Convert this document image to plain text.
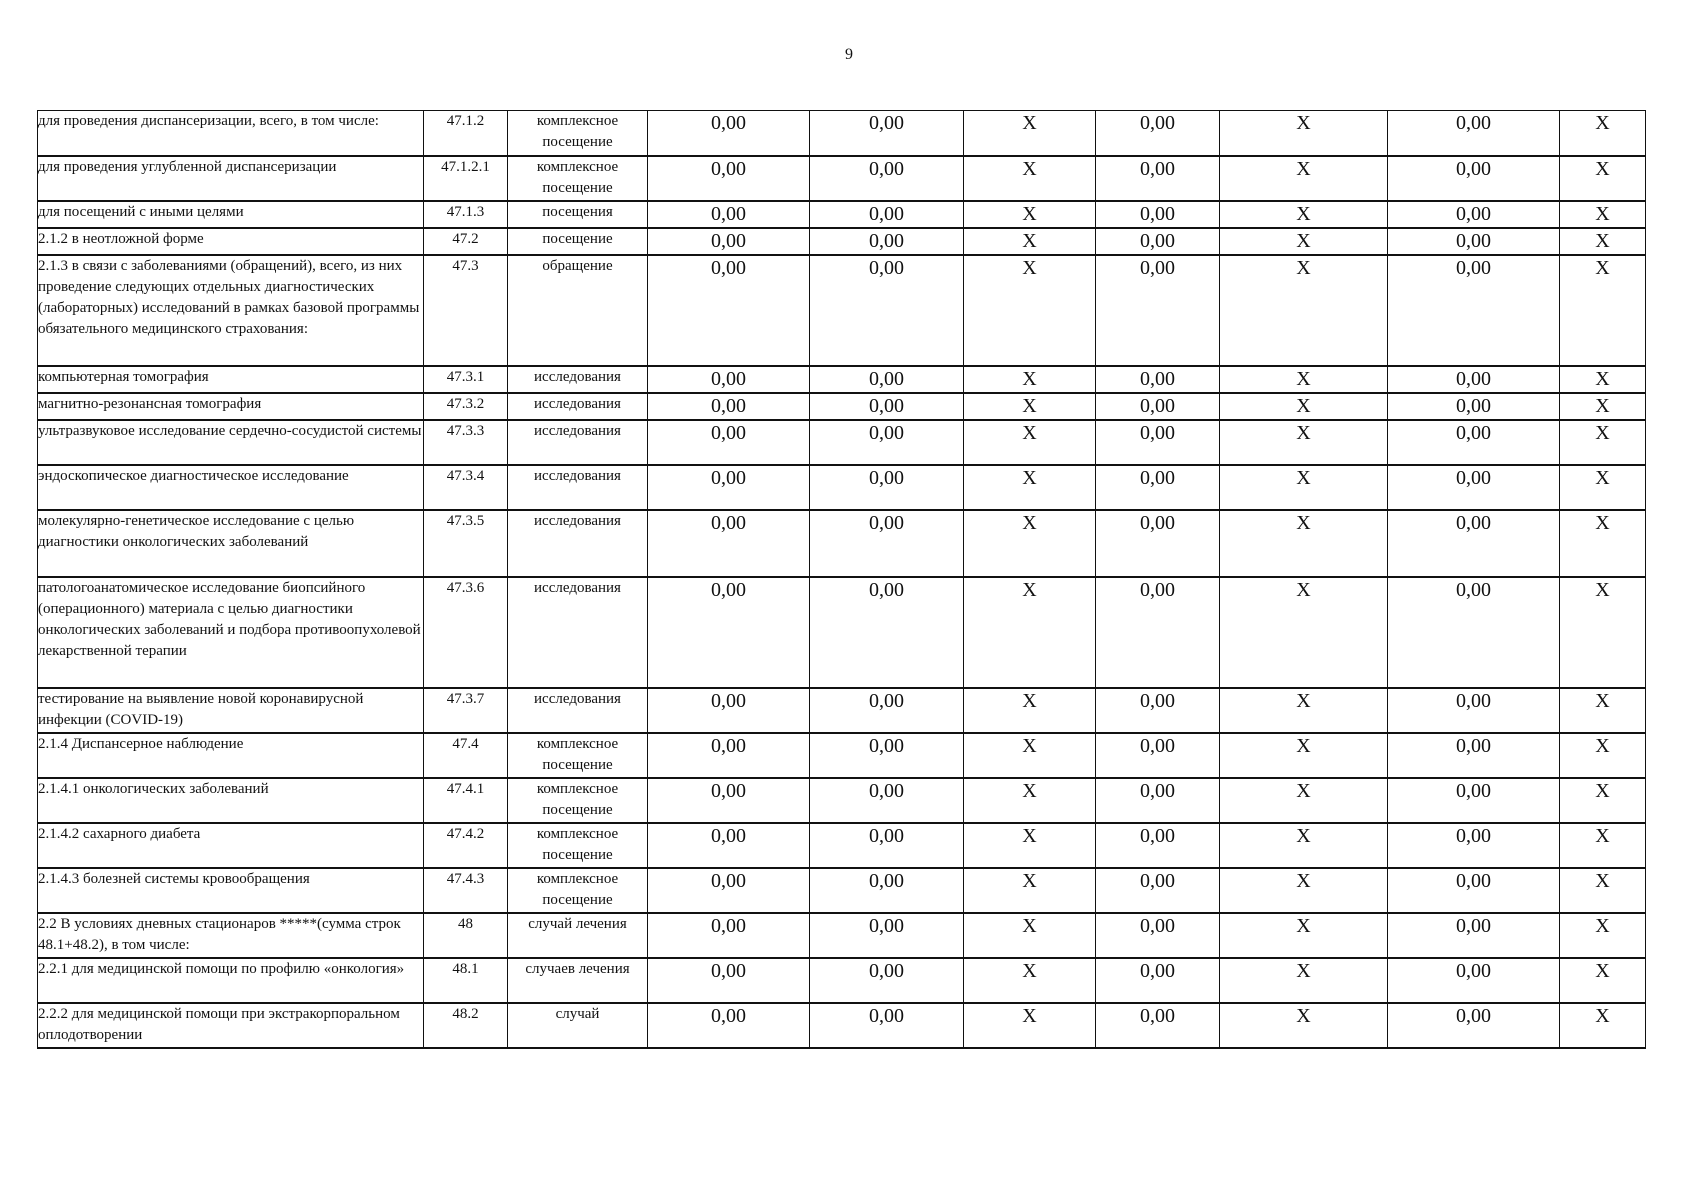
9
для проведения диспансеризации, всего, в том числе:	47.1.2	комплексное посещение	0,00	0,00	X	0,00	X	0,00	X
для проведения углубленной диспансеризации	47.1.2.1	комплексное посещение	0,00	0,00	X	0,00	X	0,00	X
для посещений с иными целями	47.1.3	посещения	0,00	0,00	X	0,00	X	0,00	X
2.1.2 в неотложной форме	47.2	посещение	0,00	0,00	X	0,00	X	0,00	X
2.1.3 в связи с заболеваниями (обращений), всего, из них проведение следующих отдельных диагностических (лабораторных) исследований в рамках базовой программы обязательного медицинского страхования:	47.3	обращение	0,00	0,00	X	0,00	X	0,00	X
компьютерная томография	47.3.1	исследования	0,00	0,00	X	0,00	X	0,00	X
магнитно-резонансная томография	47.3.2	исследования	0,00	0,00	X	0,00	X	0,00	X
ультразвуковое исследование сердечно-сосудистой системы	47.3.3	исследования	0,00	0,00	X	0,00	X	0,00	X
эндоскопическое диагностическое исследование	47.3.4	исследования	0,00	0,00	X	0,00	X	0,00	X
молекулярно-генетическое исследование с целью диагностики онкологических заболеваний	47.3.5	исследования	0,00	0,00	X	0,00	X	0,00	X
патологоанатомическое исследование биопсийного (операционного) материала с целью диагностики онкологических заболеваний и подбора противоопухолевой лекарственной терапии	47.3.6	исследования	0,00	0,00	X	0,00	X	0,00	X
тестирование на выявление новой коронавирусной инфекции (COVID-19)	47.3.7	исследования	0,00	0,00	X	0,00	X	0,00	X
2.1.4 Диспансерное наблюдение	47.4	комплексное посещение	0,00	0,00	X	0,00	X	0,00	X
2.1.4.1 онкологических заболеваний	47.4.1	комплексное посещение	0,00	0,00	X	0,00	X	0,00	X
2.1.4.2 сахарного диабета	47.4.2	комплексное посещение	0,00	0,00	X	0,00	X	0,00	X
2.1.4.3 болезней системы кровообращения	47.4.3	комплексное посещение	0,00	0,00	X	0,00	X	0,00	X
2.2 В условиях дневных стационаров *****(сумма строк 48.1+48.2), в том числе:	48	случай лечения	0,00	0,00	X	0,00	X	0,00	X
2.2.1 для медицинской помощи по профилю «онкология»	48.1	случаев лечения	0,00	0,00	X	0,00	X	0,00	X
2.2.2 для медицинской помощи при экстракорпоральном оплодотворении	48.2	случай	0,00	0,00	X	0,00	X	0,00	X
